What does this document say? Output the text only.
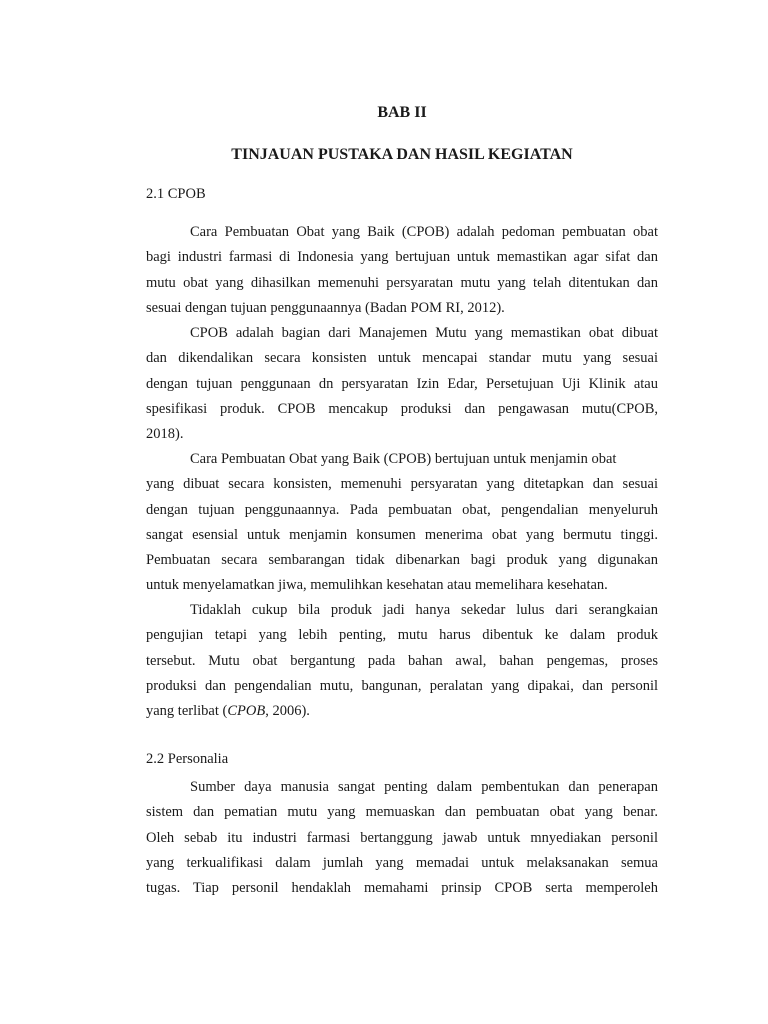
BAB II
TINJAUAN PUSTAKA DAN HASIL KEGIATAN
2.1 CPOB
Cara Pembuatan Obat yang Baik (CPOB) adalah pedoman pembuatan obat
bagi industri farmasi di Indonesia yang bertujuan untuk memastikan agar sifat dan
mutu obat yang dihasilkan memenuhi persyaratan mutu yang telah ditentukan dan
sesuai dengan tujuan penggunaannya (Badan POM RI, 2012).
CPOB adalah bagian dari Manajemen Mutu yang memastikan obat dibuat
dan dikendalikan secara konsisten untuk mencapai standar mutu yang sesuai
dengan tujuan penggunaan dn persyaratan Izin Edar, Persetujuan Uji Klinik atau
spesifikasi produk. CPOB mencakup produksi dan pengawasan mutu(CPOB,
2018).
Cara Pembuatan Obat yang Baik (CPOB) bertujuan untuk menjamin obat
yang dibuat secara konsisten, memenuhi persyaratan yang ditetapkan dan sesuai
dengan tujuan penggunaannya. Pada pembuatan obat, pengendalian menyeluruh
sangat esensial untuk menjamin konsumen menerima obat yang bermutu tinggi.
Pembuatan secara sembarangan tidak dibenarkan bagi produk yang digunakan
untuk menyelamatkan jiwa, memulihkan kesehatan atau memelihara kesehatan.
Tidaklah cukup bila produk jadi hanya sekedar lulus dari serangkaian
pengujian tetapi yang lebih penting, mutu harus dibentuk ke dalam produk
tersebut. Mutu obat bergantung pada bahan awal, bahan pengemas, proses
produksi dan pengendalian mutu, bangunan, peralatan yang dipakai, dan personil
yang terlibat (CPOB, 2006).
2.2 Personalia
Sumber daya manusia sangat penting dalam pembentukan dan penerapan
sistem dan pematian mutu yang memuaskan dan pembuatan obat yang benar.
Oleh sebab itu industri farmasi bertanggung jawab untuk mnyediakan personil
yang terkualifikasi dalam jumlah yang memadai untuk melaksanakan semua
tugas. Tiap personil hendaklah memahami prinsip CPOB serta memperoleh
